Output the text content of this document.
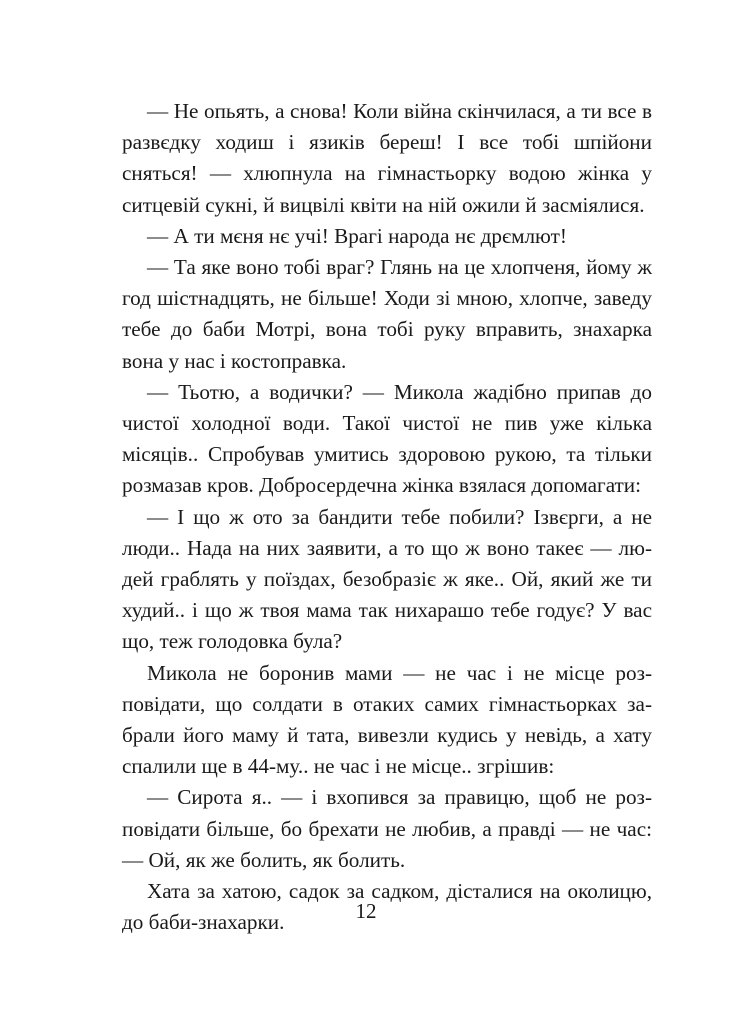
— Не опьять, а снова! Коли війна скінчилася, а ти все в развєдку ходиш і язиків береш! І все тобі шпійони сняться! — хлюпнула на гімнастьорку водою жінка у ситцевій сукні, й вицвілі квіти на ній ожили й засміялися.

— А ти мєня нє учі! Врагі народа нє дрємлют!

— Та яке воно тобі враг? Глянь на це хлопченя, йому ж год шістнадцять, не більше! Ходи зі мною, хлопче, заведу тебе до баби Мотрі, вона тобі руку вправить, знахарка вона у нас і костоправка.

— Тьотю, а водички? — Микола жадібно припав до чистої холодної води. Такої чистої не пив уже кілька місяців.. Спробував умитись здоровою рукою, та тільки розмазав кров. Добросердечна жінка взялася допомагати:

— І що ж ото за бандити тебе побили? Ізвєрги, а не люди.. Нада на них заявити, а то що ж воно такеє — людей граблять у поїздах, безобразіє ж яке.. Ой, який же ти худий.. і що ж твоя мама так нихарашо тебе годує? У вас що, теж голодовка була?

Микола не боронив мами — не час і не місце розповідати, що солдати в отаких самих гімнастьорках забрали його маму й тата, вивезли кудись у невідь, а хату спалили ще в 44-му.. не час і не місце.. згрішив:

— Сирота я.. — і вхопився за правицю, щоб не розповідати більше, бо брехати не любив, а правді — не час: — Ой, як же болить, як болить.

Хата за хатою, садок за садком, дісталися на околицю, до баби-знахарки.	12
